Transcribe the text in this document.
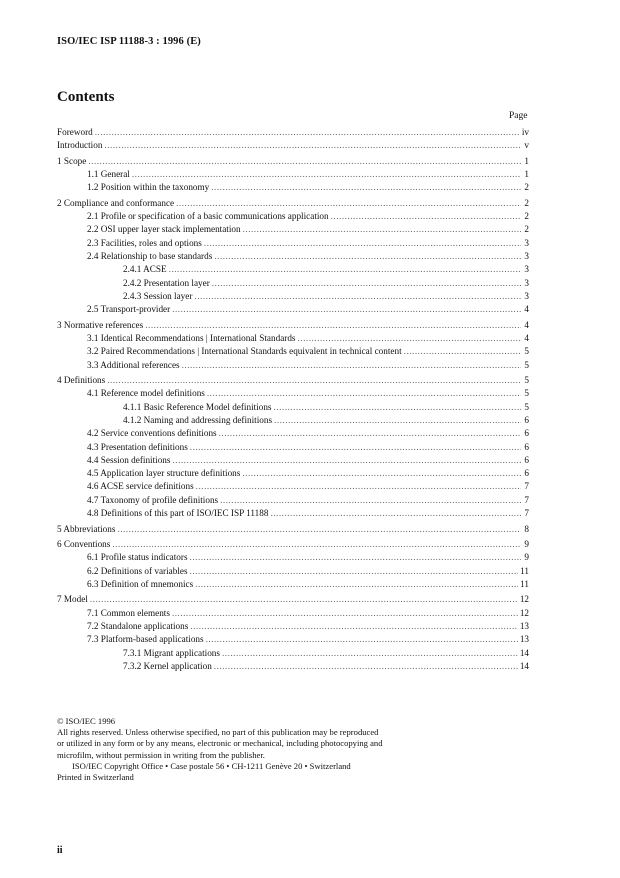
ISO/IEC ISP 11188-3 : 1996 (E)
Contents
Page
Foreword .....	iv
Introduction .....	v
1 Scope .....	1
1.1 General .....	1
1.2 Position within the taxonomy .....	2
2 Compliance and conformance .....	2
2.1 Profile or specification of a basic communications application .....	2
2.2 OSI upper layer stack implementation .....	2
2.3 Facilities, roles and options .....	3
2.4 Relationship to base standards .....	3
2.4.1 ACSE .....	3
2.4.2 Presentation layer .....	3
2.4.3 Session layer .....	3
2.5 Transport-provider .....	4
3 Normative references .....	4
3.1 Identical Recommendations | International Standards .....	4
3.2 Paired Recommendations | International Standards equivalent in technical content .....	5
3.3 Additional references .....	5
4 Definitions .....	5
4.1 Reference model definitions .....	5
4.1.1 Basic Reference Model definitions .....	5
4.1.2 Naming and addressing definitions .....	6
4.2 Service conventions definitions .....	6
4.3 Presentation definitions .....	6
4.4 Session definitions .....	6
4.5 Application layer structure definitions .....	6
4.6 ACSE service definitions .....	7
4.7 Taxonomy of profile definitions .....	7
4.8 Definitions of this part of ISO/IEC ISP 11188 .....	7
5 Abbreviations .....	8
6 Conventions .....	9
6.1 Profile status indicators .....	9
6.2 Definitions of variables .....	11
6.3 Definition of mnemonics .....	11
7 Model .....	12
7.1 Common elements .....	12
7.2 Standalone applications .....	13
7.3 Platform-based applications .....	13
7.3.1 Migrant applications .....	14
7.3.2 Kernel application .....	14
© ISO/IEC 1996
All rights reserved. Unless otherwise specified, no part of this publication may be reproduced
or utilized in any form or by any means, electronic or mechanical, including photocopying and
microfilm, without permission in writing from the publisher.
ISO/IEC Copyright Office • Case postale 56 • CH-1211 Genève 20 • Switzerland
Printed in Switzerland
ii
